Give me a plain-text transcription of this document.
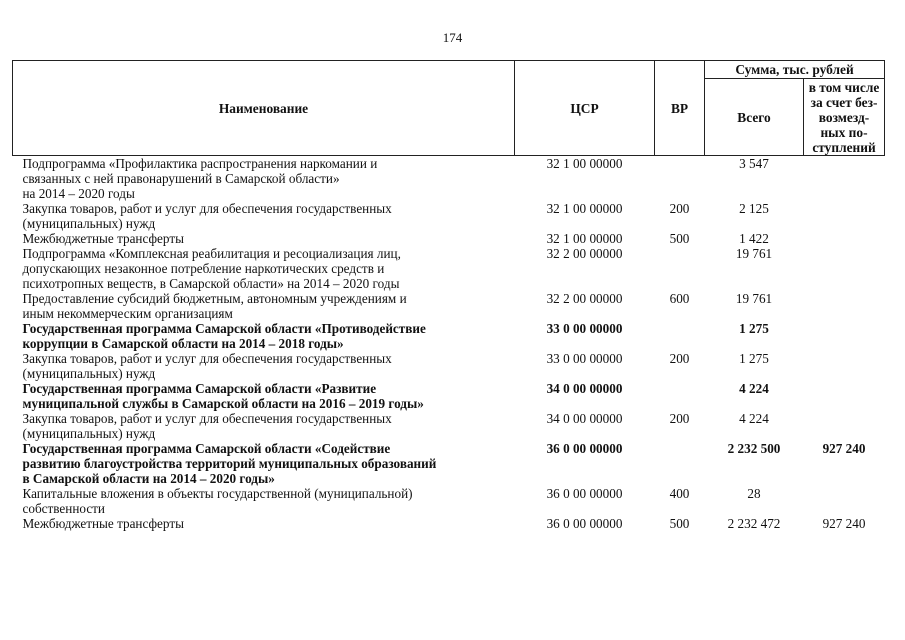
174
Наименование	ЦСР	ВР	Сумма, тыс. рублей	
			Всего	в том числе
за счет без-
возмезд-
ных по-
ступлений

Подпрограмма «Профилактика распространения наркомании и
связанных с ней правонарушений в Самарской области»
на 2014 – 2020 годы	32 1 00 00000		3 547	

Закупка товаров, работ и услуг для обеспечения государственных
(муниципальных) нужд	32 1 00 00000	200	2 125	

Межбюджетные трансферты	32 1 00 00000	500	1 422	

Подпрограмма «Комплексная реабилитация и ресоциализация лиц,
допускающих незаконное потребление наркотических средств и
психотропных веществ, в Самарской области» на 2014 – 2020 годы	32 2 00 00000		19 761	

Предоставление субсидий бюджетным, автономным учреждениям и
иным некоммерческим организациям	32 2 00 00000	600	19 761	

Государственная программа Самарской области «Противодействие
коррупции в Самарской области на 2014 – 2018 годы»	33 0 00 00000		1 275	

Закупка товаров, работ и услуг для обеспечения государственных
(муниципальных) нужд	33 0 00 00000	200	1 275	

Государственная программа Самарской области «Развитие
муниципальной службы в Самарской области на 2016 – 2019 годы»	34 0 00 00000		4 224	

Закупка товаров, работ и услуг для обеспечения государственных
(муниципальных) нужд	34 0 00 00000	200	4 224	

Государственная программа Самарской области «Содействие
развитию благоустройства территорий муниципальных образований
в Самарской области на 2014 – 2020 годы»	36 0 00 00000		2 232 500	927 240

Капитальные вложения в объекты государственной (муниципальной)
собственности	36 0 00 00000	400	28	

Межбюджетные трансферты	36 0 00 00000	500	2 232 472	927 240
